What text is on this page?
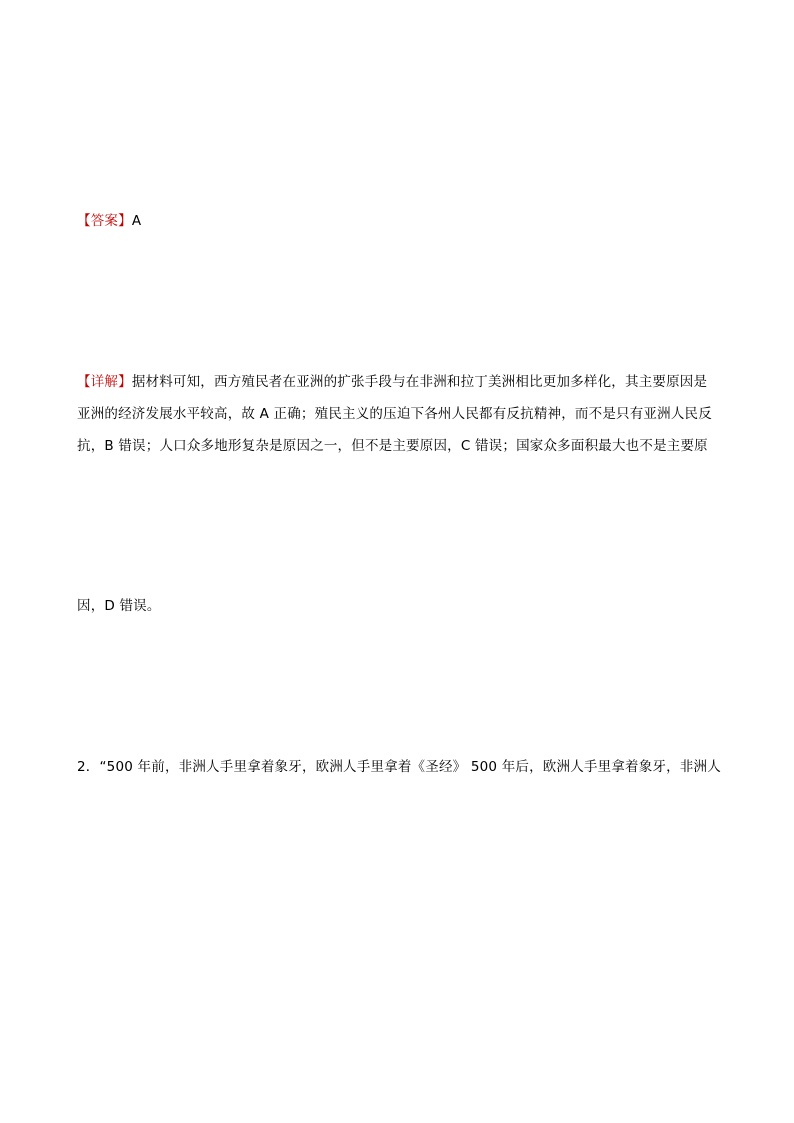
【答案】A
【详解】据材料可知，西方殖民者在亚洲的扩张手段与在非洲和拉丁美洲相比更加多样化，其主要原因是
亚洲的经济发展水平较高，故 A 正确；殖民主义的压迫下各州人民都有反抗精神，而不是只有亚洲人民反
抗，B 错误；人口众多地形复杂是原因之一，但不是主要原因，C 错误；国家众多面积最大也不是主要原
因，D 错误。
2．“500 年前，非洲人手里拿着象牙，欧洲人手里拿着《圣经》 500 年后，欧洲人手里拿着象牙，非洲人
